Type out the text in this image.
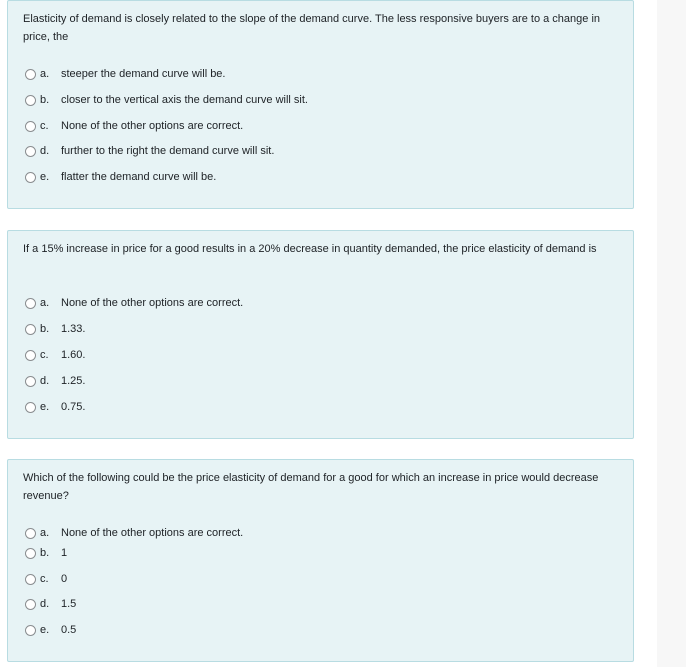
Elasticity of demand is closely related to the slope of the demand curve. The less responsive buyers are to a change in price, the
a.	steeper the demand curve will be.
b.	closer to the vertical axis the demand curve will sit.
c.	None of the other options are correct.
d.	further to the right the demand curve will sit.
e.	flatter the demand curve will be.
If a 15% increase in price for a good results in a 20% decrease in quantity demanded, the price elasticity of demand is
a.	None of the other options are correct.
b.	1.33.
c.	1.60.
d.	1.25.
e.	0.75.
Which of the following could be the price elasticity of demand for a good for which an increase in price would decrease revenue?
a.	None of the other options are correct.
b.	1
c.	0
d.	1.5
e.	0.5
